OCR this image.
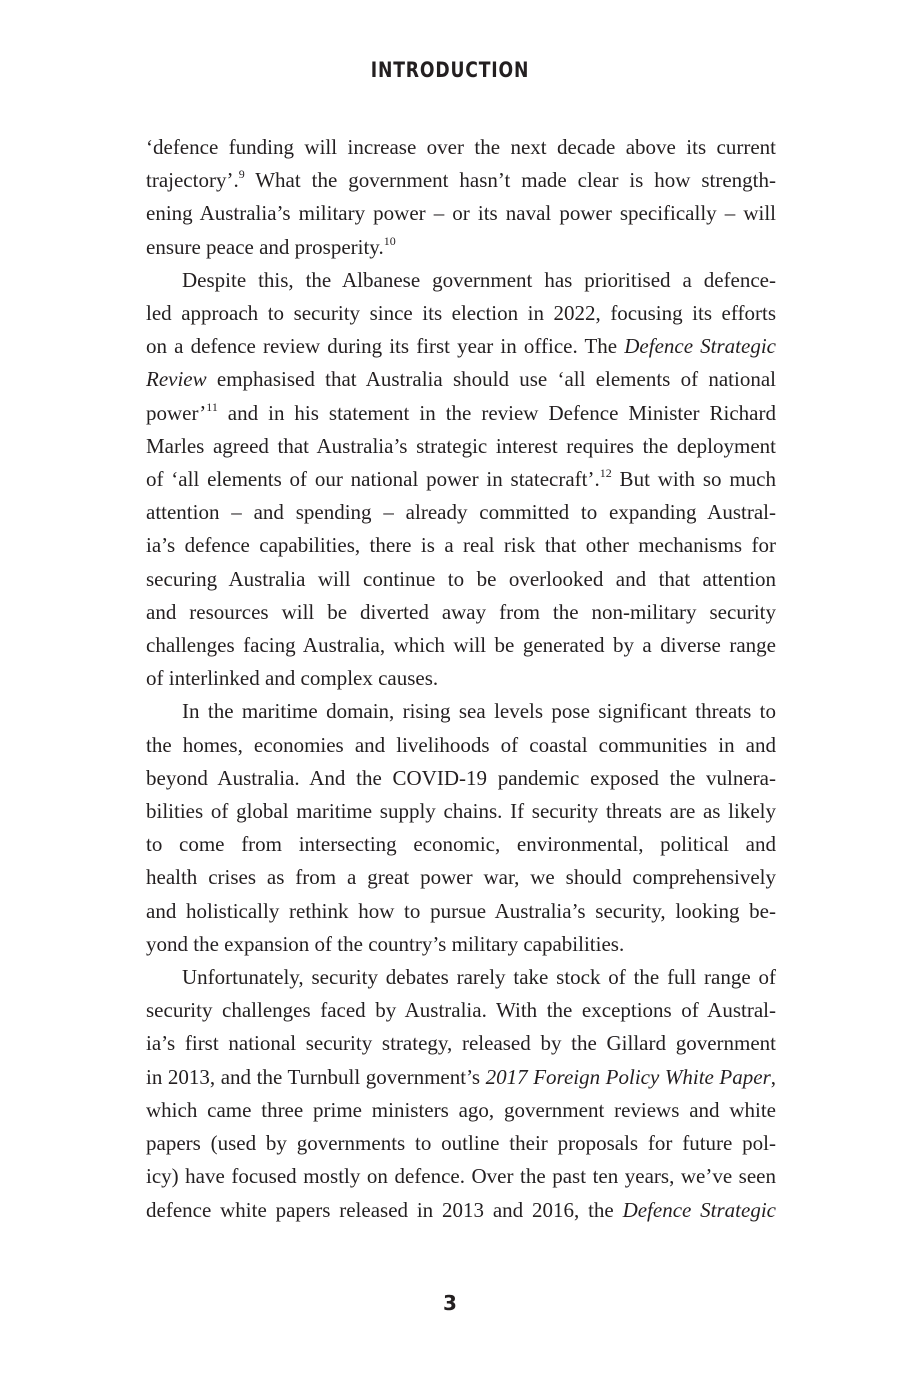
INTRODUCTION
‘defence funding will increase over the next decade above its current
trajectory’.$^9$ What the government hasn’t made clear is how strength-
ening Australia’s military power – or its naval power specifically – will
ensure peace and prosperity.$^{10}$
Despite this, the Albanese government has prioritised a defence-
led approach to security since its election in 2022, focusing its efforts
on a defence review during its first year in office. The Defence Strategic
Review emphasised that Australia should use ‘all elements of national
power’$^{11}$ and in his statement in the review Defence Minister Richard
Marles agreed that Australia’s strategic interest requires the deployment
of ‘all elements of our national power in statecraft’.$^{12}$ But with so much
attention – and spending – already committed to expanding Austral-
ia’s defence capabilities, there is a real risk that other mechanisms for
securing Australia will continue to be overlooked and that attention
and resources will be diverted away from the non-military security
challenges facing Australia, which will be generated by a diverse range
of interlinked and complex causes.
In the maritime domain, rising sea levels pose significant threats to
the homes, economies and livelihoods of coastal communities in and
beyond Australia. And the COVID-19 pandemic exposed the vulnera-
bilities of global maritime supply chains. If security threats are as likely
to come from intersecting economic, environmental, political and
health crises as from a great power war, we should comprehensively
and holistically rethink how to pursue Australia’s security, looking be-
yond the expansion of the country’s military capabilities.
Unfortunately, security debates rarely take stock of the full range of
security challenges faced by Australia. With the exceptions of Austral-
ia’s first national security strategy, released by the Gillard government
in 2013, and the Turnbull government’s 2017 Foreign Policy White Paper,
which came three prime ministers ago, government reviews and white
papers (used by governments to outline their proposals for future pol-
icy) have focused mostly on defence. Over the past ten years, we’ve seen
defence white papers released in 2013 and 2016, the Defence Strategic
3
